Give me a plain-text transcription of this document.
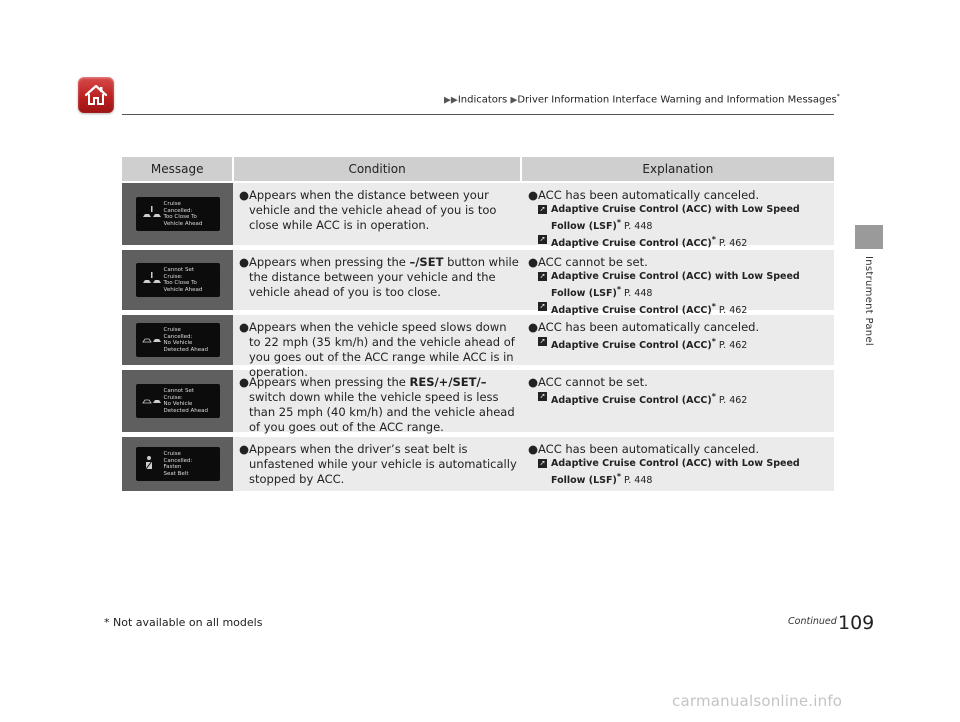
▶▶Indicators ▶Driver Information Interface Warning and Information Messages*
Instrument Panel
Message	Condition	Explanation
Cruise
Cancelled:
Too Close To
Vehicle Ahead
● Appears when the distance between your vehicle and the vehicle ahead of you is too close while ACC is in operation.
● ACC has been automatically canceled.
➚ Adaptive Cruise Control (ACC) with Low Speed Follow (LSF)* P. 448
➚ Adaptive Cruise Control (ACC)* P. 462
Cannot Set
Cruise:
Too Close To
Vehicle Ahead
● Appears when pressing the –/SET button while the distance between your vehicle and the vehicle ahead of you is too close.
● ACC cannot be set.
➚ Adaptive Cruise Control (ACC) with Low Speed Follow (LSF)* P. 448
➚ Adaptive Cruise Control (ACC)* P. 462
Cruise
Cancelled:
No Vehicle
Detected Ahead
● Appears when the vehicle speed slows down to 22 mph (35 km/h) and the vehicle ahead of you goes out of the ACC range while ACC is in operation.
● ACC has been automatically canceled.
➚ Adaptive Cruise Control (ACC)* P. 462
Cannot Set
Cruise:
No Vehicle
Detected Ahead
● Appears when pressing the RES/+/SET/– switch down while the vehicle speed is less than 25 mph (40 km/h) and the vehicle ahead of you goes out of the ACC range.
● ACC cannot be set.
➚ Adaptive Cruise Control (ACC)* P. 462
Cruise
Cancelled:
Fasten
Seat Belt
● Appears when the driver’s seat belt is unfastened while your vehicle is automatically stopped by ACC.
● ACC has been automatically canceled.
➚ Adaptive Cruise Control (ACC) with Low Speed Follow (LSF)* P. 448
* Not available on all models	Continued 109
carmanualsonline.info
